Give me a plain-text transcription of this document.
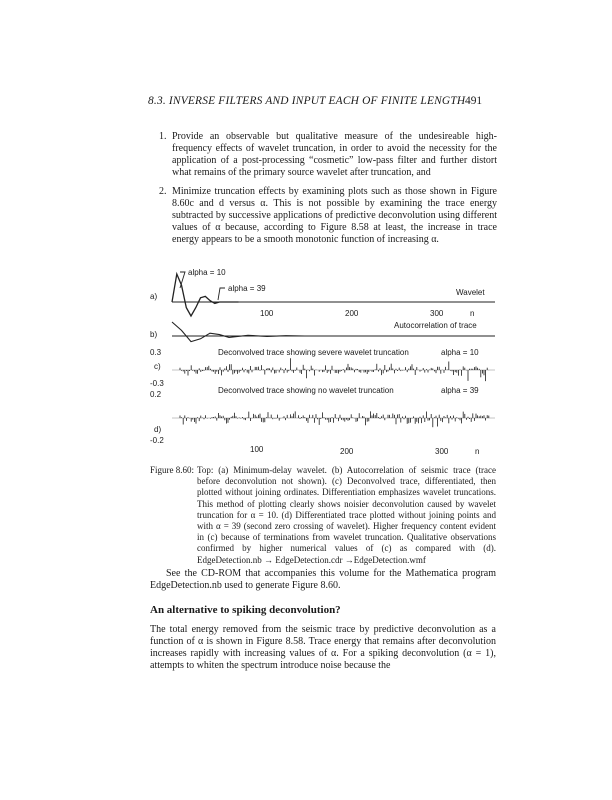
8.3. INVERSE FILTERS AND INPUT EACH OF FINITE LENGTH 491
1. Provide an observable but qualitative measure of the undesireable high-frequency effects of wavelet truncation, in order to avoid the necessity for the application of a post-processing “cosmetic” low-pass filter and further distort what remains of the primary source wavelet after truncation, and
2. Minimize truncation effects by examining plots such as those shown in Figure 8.60c and d versus α. This is not possible by examining the trace energy subtracted by successive applications of predictive deconvolution using different values of α because, according to Figure 8.58 at least, the increase in trace energy appears to be a smooth monotonic function of increasing α.
a)
b)
c)
d)
0.3
-0.3
0.2
-0.2
alpha = 10
alpha = 39	Wavelet
Autocorrelation of trace
Deconvolved trace showing severe wavelet truncation	alpha = 10
Deconvolved trace showing no wavelet truncation	alpha = 39
100	200	300	n
100	200	300	n
Figure 8.60: Top: (a) Minimum-delay wavelet. (b) Autocorrelation of seismic trace (trace before deconvolution not shown). (c) Deconvolved trace, differentiated, then plotted without joining ordinates. Differentiation emphasizes wavelet truncations. This method of plotting clearly shows noisier deconvolution caused by wavelet truncation for α = 10. (d) Differentiated trace plotted without joining points and with α = 39 (second zero crossing of wavelet). Higher frequency content evident in (c) because of terminations from wavelet truncation. Qualitative observations confirmed by higher numerical values of (c) as compared with (d). EdgeDetection.nb → EdgeDetection.cdr →EdgeDetection.wmf

See the CD-ROM that accompanies this volume for the Mathematica program EdgeDetection.nb used to generate Figure 8.60.

An alternative to spiking deconvolution?

The total energy removed from the seismic trace by predictive deconvolution as a function of α is shown in Figure 8.58. Trace energy that remains after deconvolution increases rapidly with increasing values of α. For a spiking deconvolution (α = 1), attempts to whiten the spectrum introduce noise because the
